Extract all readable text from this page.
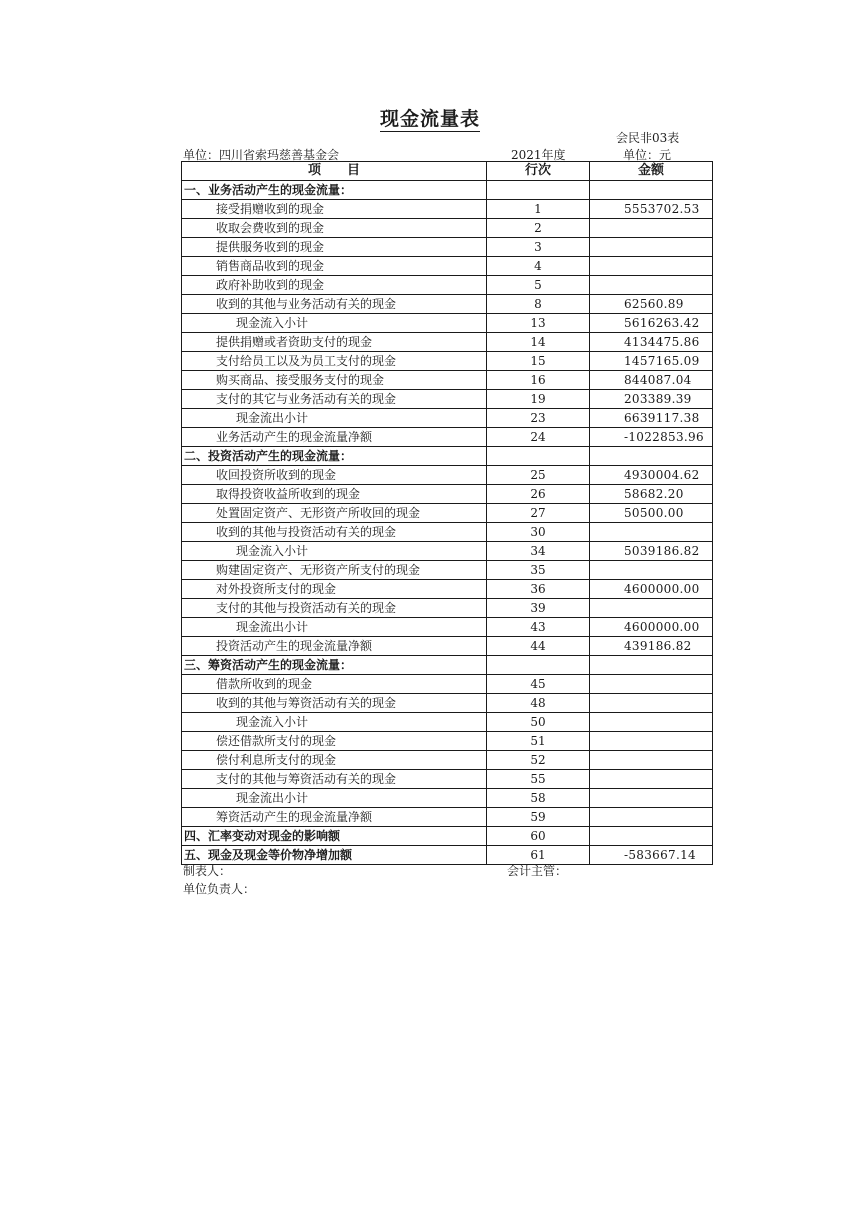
现金流量表
会民非03表
单位：四川省索玛慈善基金会	2021年度	单位：元
项　　目	行次	金额
一、业务活动产生的现金流量：		
接受捐赠收到的现金	1	5553702.53
收取会费收到的现金	2	
提供服务收到的现金	3	
销售商品收到的现金	4	
政府补助收到的现金	5	
收到的其他与业务活动有关的现金	8	62560.89
现金流入小计	13	5616263.42
提供捐赠或者资助支付的现金	14	4134475.86
支付给员工以及为员工支付的现金	15	1457165.09
购买商品、接受服务支付的现金	16	844087.04
支付的其它与业务活动有关的现金	19	203389.39
现金流出小计	23	6639117.38
业务活动产生的现金流量净额	24	-1022853.96
二、投资活动产生的现金流量：		
收回投资所收到的现金	25	4930004.62
取得投资收益所收到的现金	26	58682.20
处置固定资产、无形资产所收回的现金	27	50500.00
收到的其他与投资活动有关的现金	30	
现金流入小计	34	5039186.82
购建固定资产、无形资产所支付的现金	35	
对外投资所支付的现金	36	4600000.00
支付的其他与投资活动有关的现金	39	
现金流出小计	43	4600000.00
投资活动产生的现金流量净额	44	439186.82
三、筹资活动产生的现金流量：		
借款所收到的现金	45	
收到的其他与筹资活动有关的现金	48	
现金流入小计	50	
偿还借款所支付的现金	51	
偿付利息所支付的现金	52	
支付的其他与筹资活动有关的现金	55	
现金流出小计	58	
筹资活动产生的现金流量净额	59	
四、汇率变动对现金的影响额	60	
五、现金及现金等价物净增加额	61	-583667.14
制表人：	会计主管：
单位负责人：
